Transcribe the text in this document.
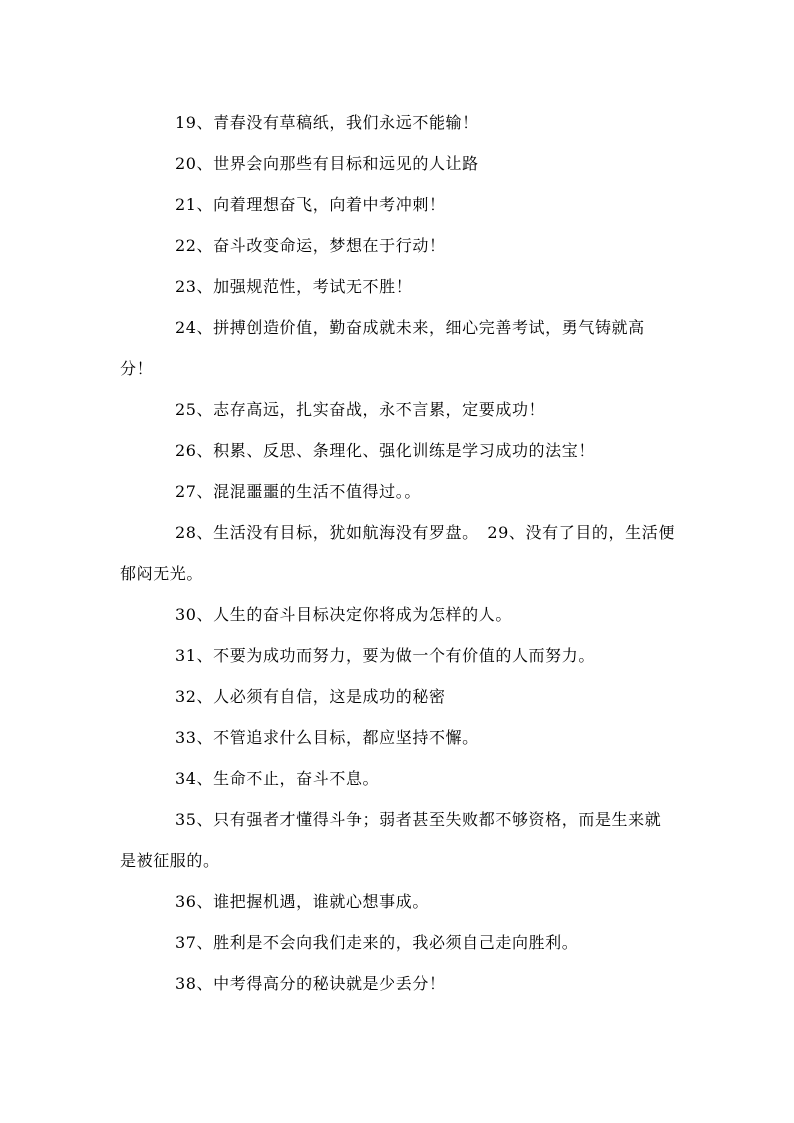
19、青春没有草稿纸，我们永远不能输！

20、世界会向那些有目标和远见的人让路

21、向着理想奋飞，向着中考冲刺！

22、奋斗改变命运，梦想在于行动！

23、加强规范性，考试无不胜！

24、拼搏创造价值，勤奋成就未来，细心完善考试，勇气铸就高分！

25、志存高远，扎实奋战，永不言累，定要成功！

26、积累、反思、条理化、强化训练是学习成功的法宝！

27、混混噩噩的生活不值得过。。

28、生活没有目标，犹如航海没有罗盘。　29、没有了目的，生活便郁闷无光。

30、人生的奋斗目标决定你将成为怎样的人。

31、不要为成功而努力，要为做一个有价值的人而努力。

32、人必须有自信，这是成功的秘密

33、不管追求什么目标，都应坚持不懈。

34、生命不止，奋斗不息。

35、只有强者才懂得斗争；弱者甚至失败都不够资格，而是生来就是被征服的。

36、谁把握机遇，谁就心想事成。

37、胜利是不会向我们走来的，我必须自己走向胜利。

38、中考得高分的秘诀就是少丢分！
